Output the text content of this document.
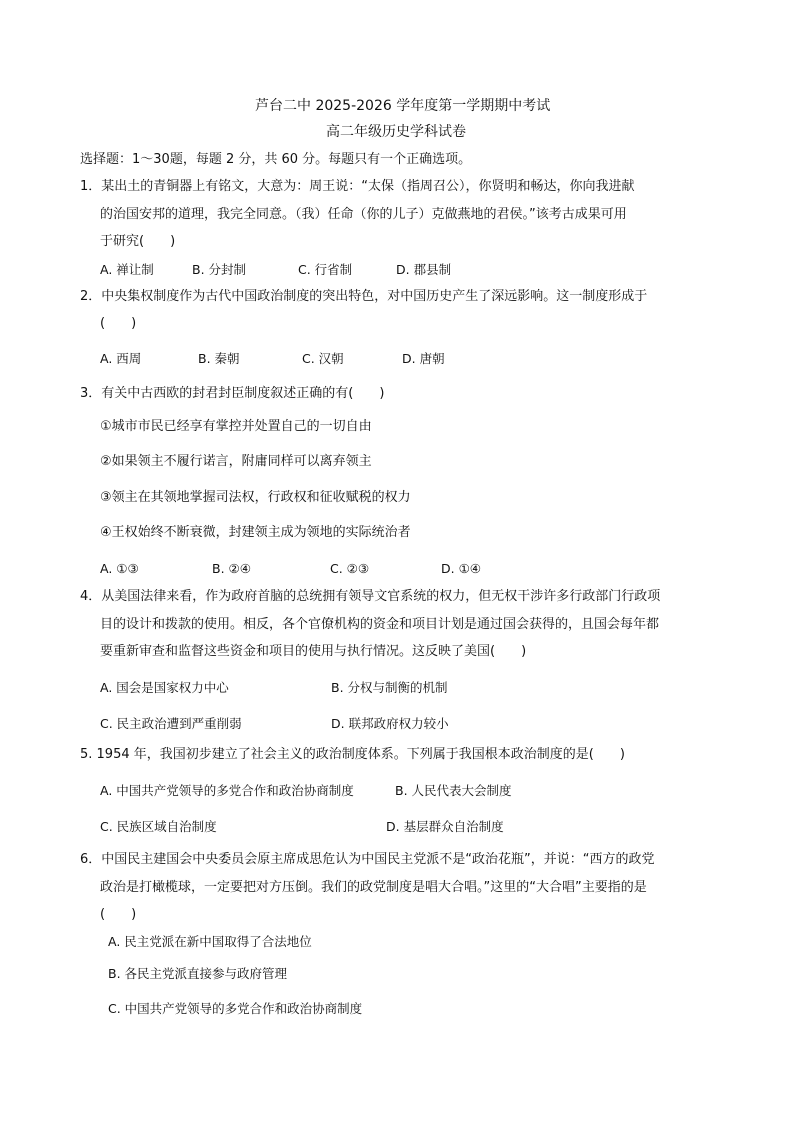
芦台二中 2025-2026 学年度第一学期期中考试
高二年级历史学科试卷
选择题：1～30题，每题 2 分，共 60 分。每题只有一个正确选项。
1．某出土的青铜器上有铭文，大意为：周王说：“太保（指周召公），你贤明和畅达，你向我进献
的治国安邦的道理，我完全同意。（我）任命（你的儿子）克做燕地的君侯。”该考古成果可用
于研究(　　)
A. 禅让制	B. 分封制	C. 行省制	D. 郡县制
2．中央集权制度作为古代中国政治制度的突出特色，对中国历史产生了深远影响。这一制度形成于
(　　)
A. 西周	B. 秦朝	C. 汉朝	D. 唐朝
3．有关中古西欧的封君封臣制度叙述正确的有(　　)
①城市市民已经享有掌控并处置自己的一切自由
②如果领主不履行诺言，附庸同样可以离弃领主
③领主在其领地掌握司法权，行政权和征收赋税的权力
④王权始终不断衰微，封建领主成为领地的实际统治者
A. ①③	B. ②④	C. ②③	D. ①④
4．从美国法律来看，作为政府首脑的总统拥有领导文官系统的权力，但无权干涉许多行政部门行政项
目的设计和拨款的使用。相反，各个官僚机构的资金和项目计划是通过国会获得的，且国会每年都
要重新审查和监督这些资金和项目的使用与执行情况。这反映了美国(　　)
A. 国会是国家权力中心	B. 分权与制衡的机制
C. 民主政治遭到严重削弱	D. 联邦政府权力较小
5. 1954 年，我国初步建立了社会主义的政治制度体系。下列属于我国根本政治制度的是(　　)
A. 中国共产党领导的多党合作和政治协商制度	B. 人民代表大会制度
C. 民族区域自治制度	D. 基层群众自治制度
6．中国民主建国会中央委员会原主席成思危认为中国民主党派不是“政治花瓶”，并说：“西方的政党
政治是打橄榄球，一定要把对方压倒。我们的政党制度是唱大合唱。”这里的“大合唱”主要指的是
(　　)
A. 民主党派在新中国取得了合法地位
B. 各民主党派直接参与政府管理
C. 中国共产党领导的多党合作和政治协商制度
